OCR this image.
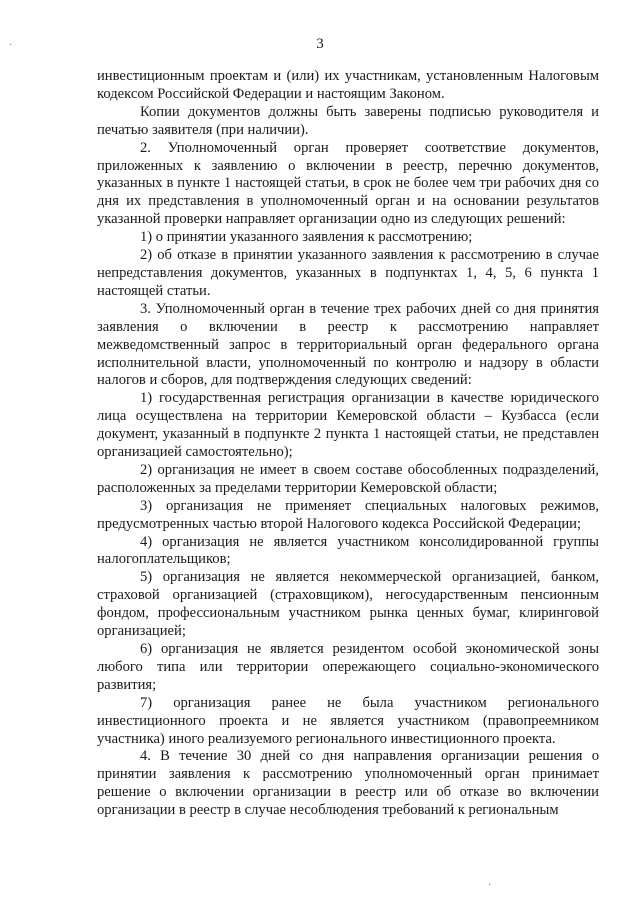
·
·
3

инвестиционным проектам и (или) их участникам, установленным Налоговым кодексом Российской Федерации и настоящим Законом.

Копии документов должны быть заверены подписью руководителя и печатью заявителя (при наличии).

2. Уполномоченный орган проверяет соответствие документов, приложенных к заявлению о включении в реестр, перечню документов, указанных в пункте 1 настоящей статьи, в срок не более чем три рабочих дня со дня их представления в уполномоченный орган и на основании результатов указанной проверки направляет организации одно из следующих решений:

1) о принятии указанного заявления к рассмотрению;

2) об отказе в принятии указанного заявления к рассмотрению в случае непредставления документов, указанных в подпунктах 1, 4, 5, 6 пункта 1 настоящей статьи.

3. Уполномоченный орган в течение трех рабочих дней со дня принятия заявления о включении в реестр к рассмотрению направляет межведомственный запрос в территориальный орган федерального органа исполнительной власти, уполномоченный по контролю и надзору в области налогов и сборов, для подтверждения следующих сведений:

1) государственная регистрация организации в качестве юридического лица осуществлена на территории Кемеровской области – Кузбасса (если документ, указанный в подпункте 2 пункта 1 настоящей статьи, не представлен организацией самостоятельно);

2) организация не имеет в своем составе обособленных подразделений, расположенных за пределами территории Кемеровской области;

3) организация не применяет специальных налоговых режимов, предусмотренных частью второй Налогового кодекса Российской Федерации;

4) организация не является участником консолидированной группы налогоплательщиков;

5) организация не является некоммерческой организацией, банком, страховой организацией (страховщиком), негосударственным пенсионным фондом, профессиональным участником рынка ценных бумаг, клиринговой организацией;

6) организация не является резидентом особой экономической зоны любого типа или территории опережающего социально-экономического развития;

7) организация ранее не была участником регионального инвестиционного проекта и не является участником (правопреемником участника) иного реализуемого регионального инвестиционного проекта.

4. В течение 30 дней со дня направления организации решения о принятии заявления к рассмотрению уполномоченный орган принимает решение о включении организации в реестр или об отказе во включении организации в реестр в случае несоблюдения требований к региональным
